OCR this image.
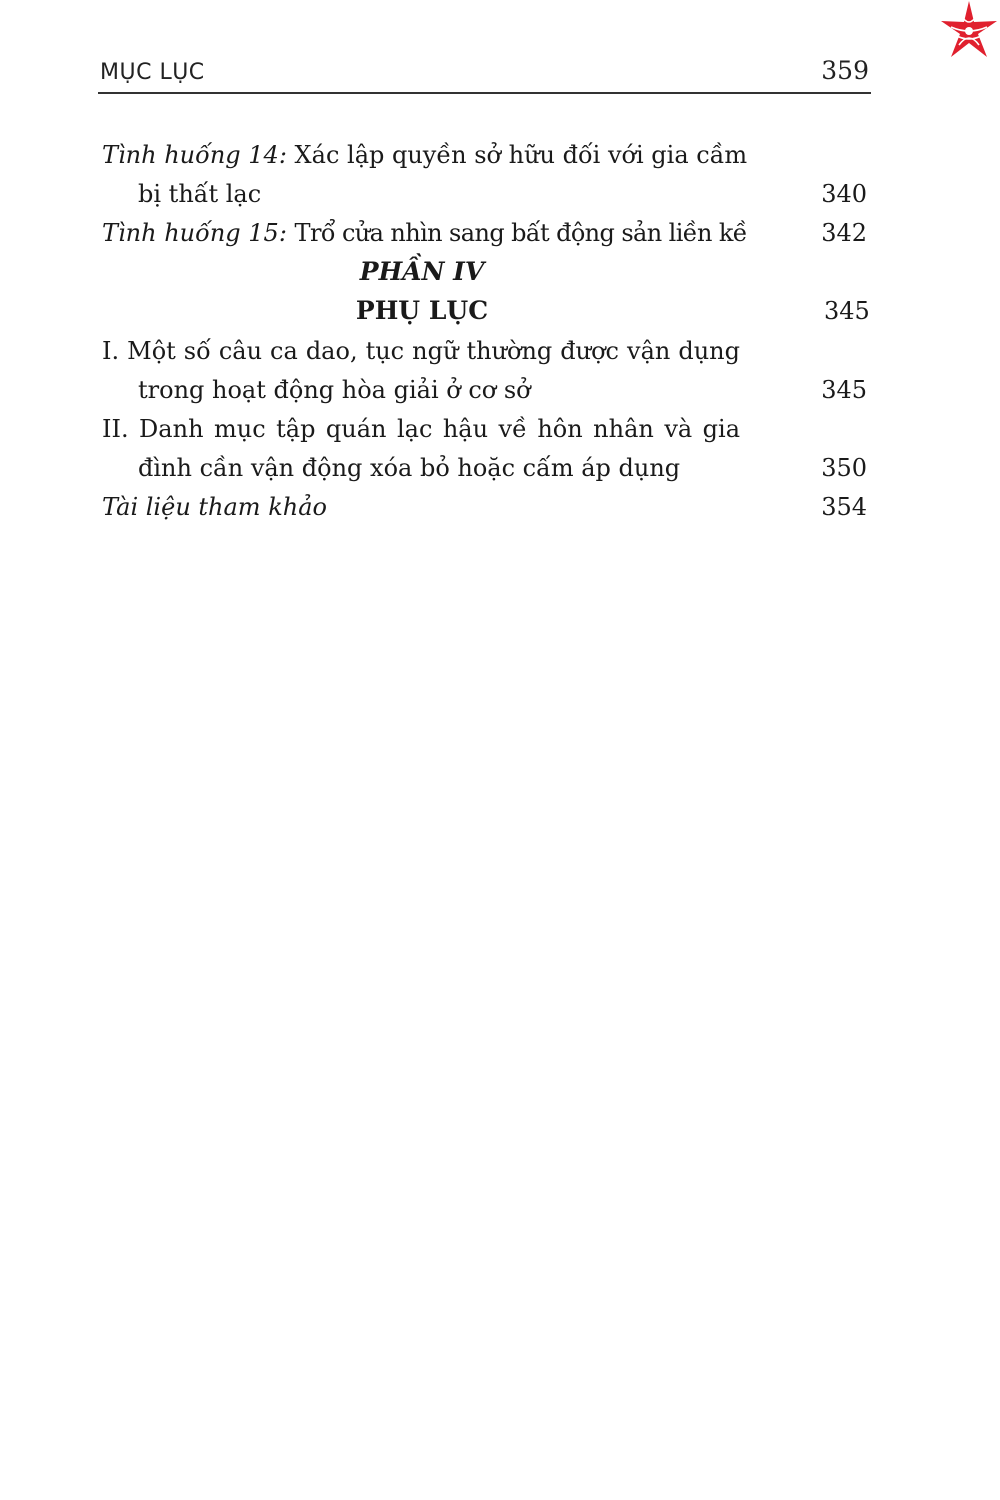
MỤC LỤC	359
Tình huống 14: Xác lập quyền sở hữu đối với gia cầm
bị thất lạc	340
Tình huống 15: Trổ cửa nhìn sang bất động sản liền kề	342
PHẦN IV
PHỤ LỤC	345
I. Một số câu ca dao, tục ngữ thường được vận dụng
trong hoạt động hòa giải ở cơ sở	345
II. Danh mục tập quán lạc hậu về hôn nhân và gia
đình cần vận động xóa bỏ hoặc cấm áp dụng	350
Tài liệu tham khảo	354
